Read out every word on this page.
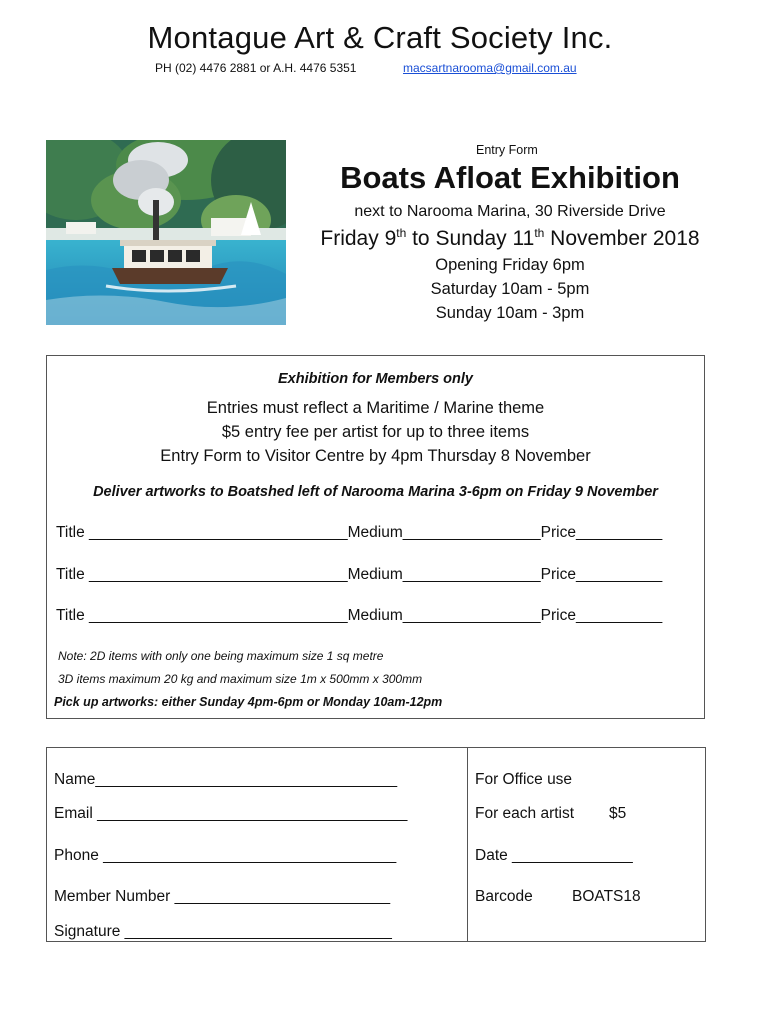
Montague Art & Craft Society Inc.
PH (02) 4476 2881 or A.H. 4476 5351	macsartnarooma@gmail.com.au
Entry Form
Boats Afloat Exhibition
next to Narooma Marina, 30 Riverside Drive
Friday 9th to Sunday 11th November 2018
Opening Friday 6pm
Saturday 10am - 5pm
Sunday 10am - 3pm
Exhibition for Members only
Entries must reflect a Maritime / Marine theme
$5 entry fee per artist for up to three items
Entry Form to Visitor Centre by 4pm Thursday 8 November
Deliver artworks to Boatshed left of Narooma Marina 3-6pm on Friday 9 November
Title ______________________________Medium________________Price__________
Title ______________________________Medium________________Price__________
Title ______________________________Medium________________Price__________
Note: 2D items with only one being maximum size 1 sq metre
3D items maximum 20 kg and maximum size 1m x 500mm x 300mm
Pick up artworks: either Sunday 4pm-6pm or Monday 10am-12pm
Name___________________________________
Email ____________________________________
Phone __________________________________
Member Number _________________________
Signature _______________________________
For Office use
For each artist $5
Date ______________
Barcode	BOATS18
